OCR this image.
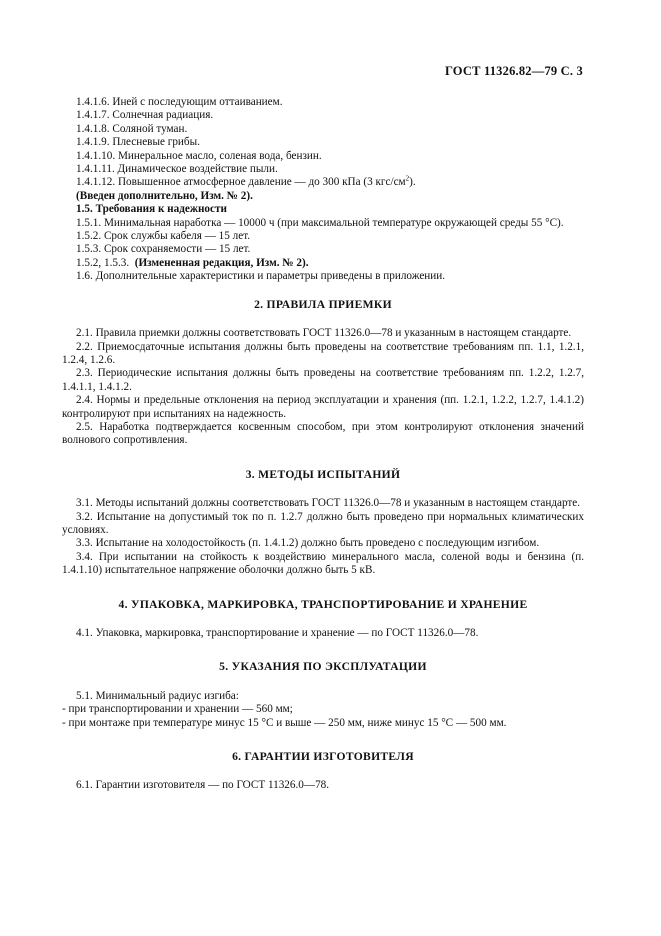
ГОСТ 11326.82—79 С. 3
1.4.1.6. Иней с последующим оттаиванием.
1.4.1.7. Солнечная радиация.
1.4.1.8. Соляной туман.
1.4.1.9. Плесневые грибы.
1.4.1.10. Минеральное масло, соленая вода, бензин.
1.4.1.11. Динамическое воздействие пыли.
1.4.1.12. Повышенное атмосферное давление — до 300 кПа (3 кгс/$см^2$).
(Введен дополнительно, Изм. № 2).
1.5. Требования к надежности
1.5.1. Минимальная наработка — 10000 ч (при максимальной температуре окружающей среды 55 °С).
1.5.2. Срок службы кабеля — 15 лет.
1.5.3. Срок сохраняемости — 15 лет.
1.5.2, 1.5.3. (Измененная редакция, Изм. № 2).
1.6. Дополнительные характеристики и параметры приведены в приложении.
2. ПРАВИЛА ПРИЕМКИ
2.1. Правила приемки должны соответствовать ГОСТ 11326.0—78 и указанным в настоящем стандарте.
2.2. Приемосдаточные испытания должны быть проведены на соответствие требованиям пп. 1.1, 1.2.1, 1.2.4, 1.2.6.
2.3. Периодические испытания должны быть проведены на соответствие требованиям пп. 1.2.2, 1.2.7, 1.4.1.1, 1.4.1.2.
2.4. Нормы и предельные отклонения на период эксплуатации и хранения (пп. 1.2.1, 1.2.2, 1.2.7, 1.4.1.2) контролируют при испытаниях на надежность.
2.5. Наработка подтверждается косвенным способом, при этом контролируют отклонения значений волнового сопротивления.
3. МЕТОДЫ ИСПЫТАНИЙ
3.1. Методы испытаний должны соответствовать ГОСТ 11326.0—78 и указанным в настоящем стандарте.
3.2. Испытание на допустимый ток по п. 1.2.7 должно быть проведено при нормальных климатических условиях.
3.3. Испытание на холодостойкость (п. 1.4.1.2) должно быть проведено с последующим изгибом.
3.4. При испытании на стойкость к воздействию минерального масла, соленой воды и бензина (п. 1.4.1.10) испытательное напряжение оболочки должно быть 5 кВ.
4. УПАКОВКА, МАРКИРОВКА, ТРАНСПОРТИРОВАНИЕ И ХРАНЕНИЕ
4.1. Упаковка, маркировка, транспортирование и хранение — по ГОСТ 11326.0—78.
5. УКАЗАНИЯ ПО ЭКСПЛУАТАЦИИ
5.1. Минимальный радиус изгиба:
- при транспортировании и хранении — 560 мм;
- при монтаже при температуре минус 15 °С и выше — 250 мм, ниже минус 15 °С — 500 мм.
6. ГАРАНТИИ ИЗГОТОВИТЕЛЯ
6.1. Гарантии изготовителя — по ГОСТ 11326.0—78.
